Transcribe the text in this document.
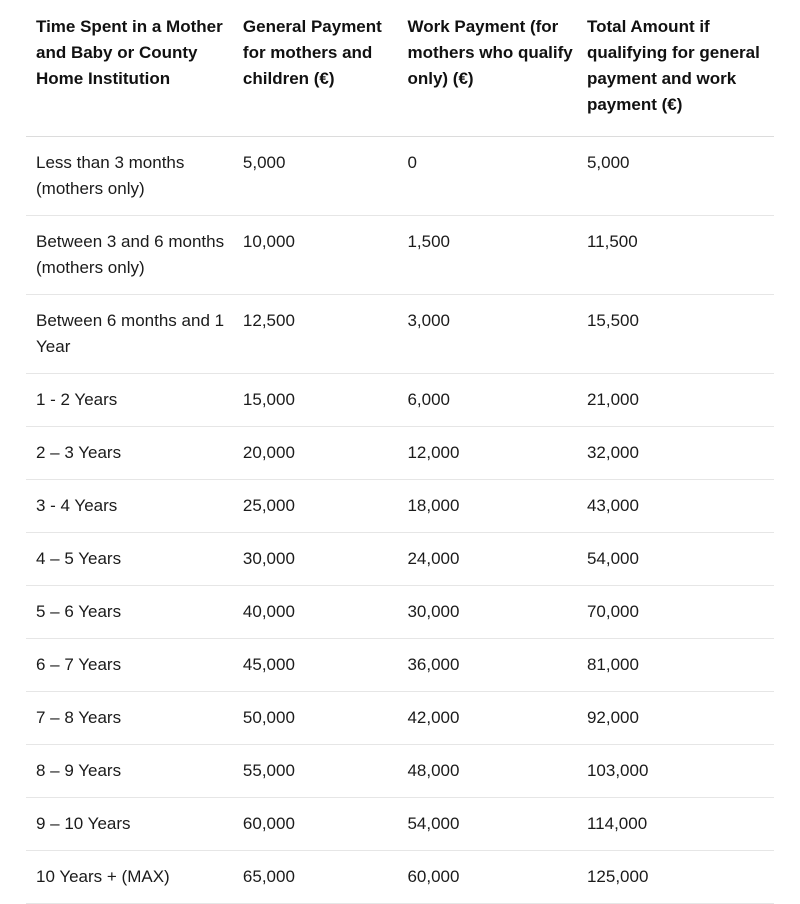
Time Spent in a Mother and Baby or County Home Institution	General Payment for mothers and children (€)	Work Payment (for mothers who qualify only) (€)	Total Amount if qualifying for general payment and work payment (€)
Less than 3 months (mothers only)	5,000	0	5,000
Between 3 and 6 months (mothers only)	10,000	1,500	11,500
Between 6 months and 1 Year	12,500	3,000	15,500
1 - 2 Years	15,000	6,000	21,000
2 – 3 Years	20,000	12,000	32,000
3 - 4 Years	25,000	18,000	43,000
4 – 5 Years	30,000	24,000	54,000
5 – 6 Years	40,000	30,000	70,000
6 – 7 Years	45,000	36,000	81,000
7 – 8 Years	50,000	42,000	92,000
8 – 9 Years	55,000	48,000	103,000
9 – 10 Years	60,000	54,000	114,000
10 Years + (MAX)	65,000	60,000	125,000
